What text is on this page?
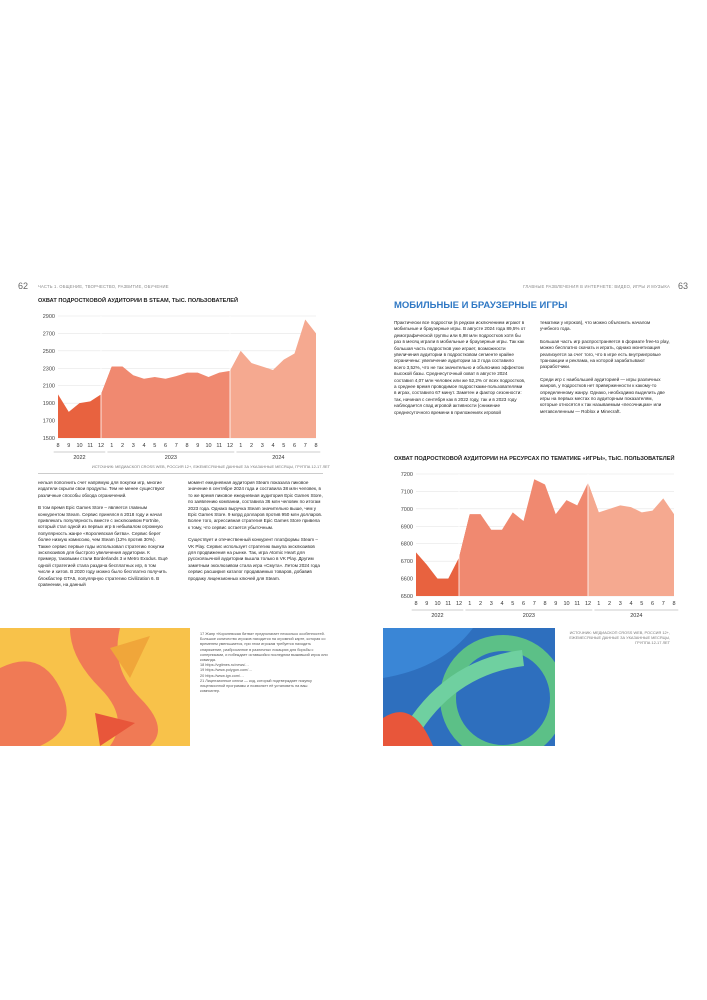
62 ЧАСТЬ 1. ОБЩЕНИЕ, ТВОРЧЕСТВО, РАЗВИТИЕ, ОБУЧЕНИЕ
ОХВАТ ПОДРОСТКОВОЙ АУДИТОРИИ В STEAM, ТЫС. ПОЛЬЗОВАТЕЛЕЙ
1500
1700
1900
2100
2300
2500
2700
2900
2022	2023	2024
8 9 10 11 12 1 2 3 4 5 6 7 8 9 10 11 12 1 2 3 4 5 6 7 8
ИСТОЧНИК: МЕДИАСКОП CROSS WEB, РОССИЯ 12+, ЕЖЕМЕСЯЧНЫЕ ДАННЫЕ ЗА УКАЗАННЫЕ МЕСЯЦЫ, ГРУППА 12-17 ЛЕТ

нельзя пополнить счет напрямую для покупки игр, многие издатели скрыли свои продукты. Тем не менее существуют различные способы обхода ограничений.

В том время Epic Games Store – является главным конкурентом Steam. Сервис принялся в 2018 году и начал привлекать популярность вместе с эксклюзивом Fortnite, который стал одной из первых игр в небывалом огромную популярность жанре «Королевская битва». Сервис берет более низкую комиссию, чем Steam (12% против 30%). Также сервис первые годы использовал стратегию покупки эксклюзивов для быстрого увеличения аудитории. К примеру, таковыми стали Borderlands 3 и Metro Exodus. Ещё одной стратегией стала раздача бесплатных игр, в том числе и хитов. В 2020 году можно было бесплатно получить блокбастер GTA5, популярную стратегию Civilization 6. В сравнении, на данный

момент ежедневная аудитория Steam показала пиковое значение в сентябре 2024 года и составила 38 млн человек, в то же время пиковое ежедневная аудитория Epic Games Store, по заявлению компании, составила 36 млн человек по итогам 2023 года. Однако выручка Steam значительно выше, чем у Epic Games Store. 9 млрд долларов против 950 млн долларов. Более того, агрессивная стратегия Epic Games Store привела к тому, что сервис остается убыточным.

Существует и отечественный конкурент платформы Steam – VK Play. Сервис использует стратегию выкупа эксклюзивов для продвижения на рынке. Так, игра Atomic Heart для русскоязычной аудитории вышла только в VK Play. Другим заметным эксклюзивом стала игра «Смута». Летом 2024 года сервис расширил каталог продаваемых товаров, добавив продажу лицензионных ключей для Steam.

17 Жанр «Королевская битва» предполагает несколько особенностей. Большое количество игроков находится на огромной карте, которая со временем уменьшается, при этом игрокам требуется находить снаряжение, разбросанное в различных локациях для борьбы с соперниками, и побеждает оставшийся последним выживший игрок или команда.

18 https://vgtimes.ru/news/…

19 https://www.polygon.com/…

20 https://www.ign.com/…

21 Лицензионные ключи — код, который подтверждает покупку лицензионной программы и позволяет её установить на ваш компьютер.

ГЛАВНЫЕ РАЗВЛЕЧЕНИЯ В ИНТЕРНЕТЕ: ВИДЕО, ИГРЫ И МУЗЫКА 63
МОБИЛЬНЫЕ И БРАУЗЕРНЫЕ ИГРЫ

Практически все подростки (в редком исключением играют в мобильные и браузерные игры. В августе 2024 года 89,5% от демографической группы или 6,98 млн подростков хотя бы раз в месяц играли в мобильные и браузерные игры. Так как большая часть подростков уже играет, возможности увеличения аудитории в подростковом сегменте крайне ограничены: увеличение аудитории за 2 года составило всего 3,52%, что не так значительно и объяснимо эффектом высокой базы. Среднесуточный охват в августе 2024 составил 4,07 млн человек или же 52,2% от всех подростков, а среднее время проводимое подростками-пользователями в играх, составило 67 минут. Заметен и фактор сезонности: так, начиная с сентября как в 2022 году, так и в 2023 году наблюдается спад игровой активности (снижение среднесуточного времени в приложениях игровой

тематики у игроков), что можно объяснить началом учебного года.

Большая часть игр распространяется в формате free-to play, можно бесплатно скачать и играть, однако монетизация реализуется за счет того, что в игре есть внутриигровые транзакции и реклама, на которой зарабатывают разработчики.

Среди игр с наибольшей аудиторией — игры различных жанров, у подростков нет приверженности к какому-то определенному жанру. Однако, необходимо выделить две игры на первых местах по аудиторным показателям, которые относятся к так называемым «песочницам» или метавселенным — Roblox и Minecraft.

ОХВАТ ПОДРОСТКОВОЙ АУДИТОРИИ НА РЕСУРСАХ ПО ТЕМАТИКЕ «ИГРЫ», ТЫС. ПОЛЬЗОВАТЕЛЕЙ
6500
6600
6700
6800
6900
7000
7100
7200
2022	2023	2024
8 9 10 11 12 1 2 3 4 5 6 7 8 9 10 11 12 1 2 3 4 5 6 7 8
ИСТОЧНИК: МЕДИАСКОП CROSS WEB, РОССИЯ 12+, ЕЖЕМЕСЯЧНЫЕ ДАННЫЕ ЗА УКАЗАННЫЕ МЕСЯЦЫ, ГРУППА 12-17 ЛЕТ
